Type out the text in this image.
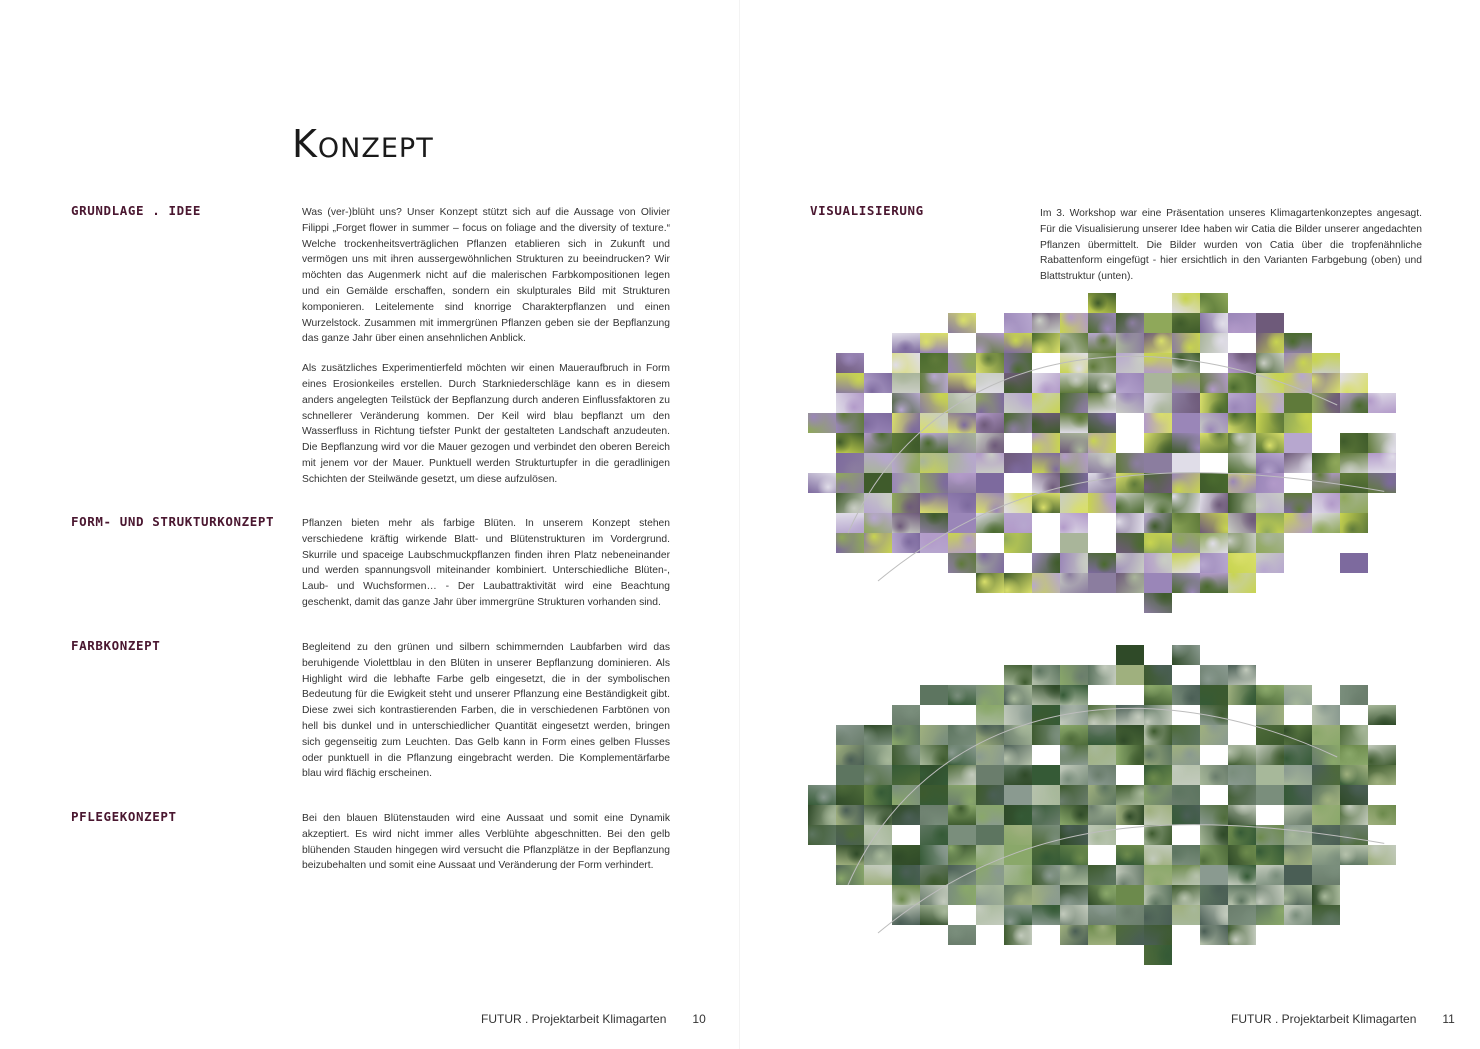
Konzept
GRUNDLAGE . IDEE	Was (ver-)blüht uns? Unser Konzept stützt sich auf die Aussage von Olivier Filippi „Forget flower in summer – focus on foliage and the diversity of texture.“ Welche trockenheitsverträglichen Pflanzen etablieren sich in Zukunft und vermögen uns mit ihren aussergewöhnlichen Strukturen zu beeindrucken? Wir möchten das Augenmerk nicht auf die malerischen Farbkompositionen legen und ein Gemälde erschaffen, sondern ein skulpturales Bild mit Strukturen komponieren. Leitelemente sind knorrige Charakterpflanzen und einen Wurzelstock. Zusammen mit immergrünen Pflanzen geben sie der Bepflanzung das ganze Jahr über einen ansehnlichen Anblick.

Als zusätzliches Experimentierfeld möchten wir einen Maueraufbruch in Form eines Erosionkeiles erstellen. Durch Starkniederschläge kann es in diesem anders angelegten Teilstück der Bepflanzung durch anderen Einflussfaktoren zu schnellerer Veränderung kommen. Der Keil wird blau bepflanzt um den Wasserfluss in Richtung tiefster Punkt der gestalteten Landschaft anzudeuten. Die Bepflanzung wird vor die Mauer gezogen und verbindet den oberen Bereich mit jenem vor der Mauer. Punktuell werden Strukturtupfer in die geradlinigen Schichten der Steilwände gesetzt, um diese aufzulösen.

FORM- UND STRUKTURKONZEPT	Pflanzen bieten mehr als farbige Blüten. In unserem Konzept stehen verschiedene kräftig wirkende Blatt- und Blütenstrukturen im Vordergrund. Skurrile und spaceige Laubschmuckpflanzen finden ihren Platz nebeneinander und werden spannungsvoll miteinander kombiniert. Unterschiedliche Blüten-, Laub- und Wuchsformen… - Der Laubattraktivität wird eine Beachtung geschenkt, damit das ganze Jahr über immergrüne Strukturen vorhanden sind.

FARBKONZEPT	Begleitend zu den grünen und silbern schimmernden Laubfarben wird das beruhigende Violettblau in den Blüten in unserer Bepflanzung dominieren. Als Highlight wird die lebhafte Farbe gelb eingesetzt, die in der symbolischen Bedeutung für die Ewigkeit steht und unserer Pflanzung eine Beständigkeit gibt. Diese zwei sich kontrastierenden Farben, die in verschiedenen Farbtönen von hell bis dunkel und in unterschiedlicher Quantität eingesetzt werden, bringen sich gegenseitig zum Leuchten. Das Gelb kann in Form eines gelben Flusses oder punktuell in die Pflanzung eingebracht werden. Die Komplementärfarbe blau wird flächig erscheinen.

PFLEGEKONZEPT	Bei den blauen Blütenstauden wird eine Aussaat und somit eine Dynamik akzeptiert. Es wird nicht immer alles Verblühte abgeschnitten. Bei den gelb blühenden Stauden hingegen wird versucht die Pflanzplätze in der Bepflanzung beizubehalten und somit eine Aussaat und Veränderung der Form verhindert.

FUTUR . Projektarbeit Klimagarten 10
VISUALISIERUNG	Im 3. Workshop war eine Präsentation unseres Klimagartenkonzeptes angesagt. Für die Visualisierung unserer Idee haben wir Catia die Bilder unserer angedachten Pflanzen übermittelt. Die Bilder wurden von Catia über die tropfenähnliche Rabattenform eingefügt - hier ersichtlich in den Varianten Farbgebung (oben) und Blattstruktur (unten).

FUTUR . Projektarbeit Klimagarten 11
